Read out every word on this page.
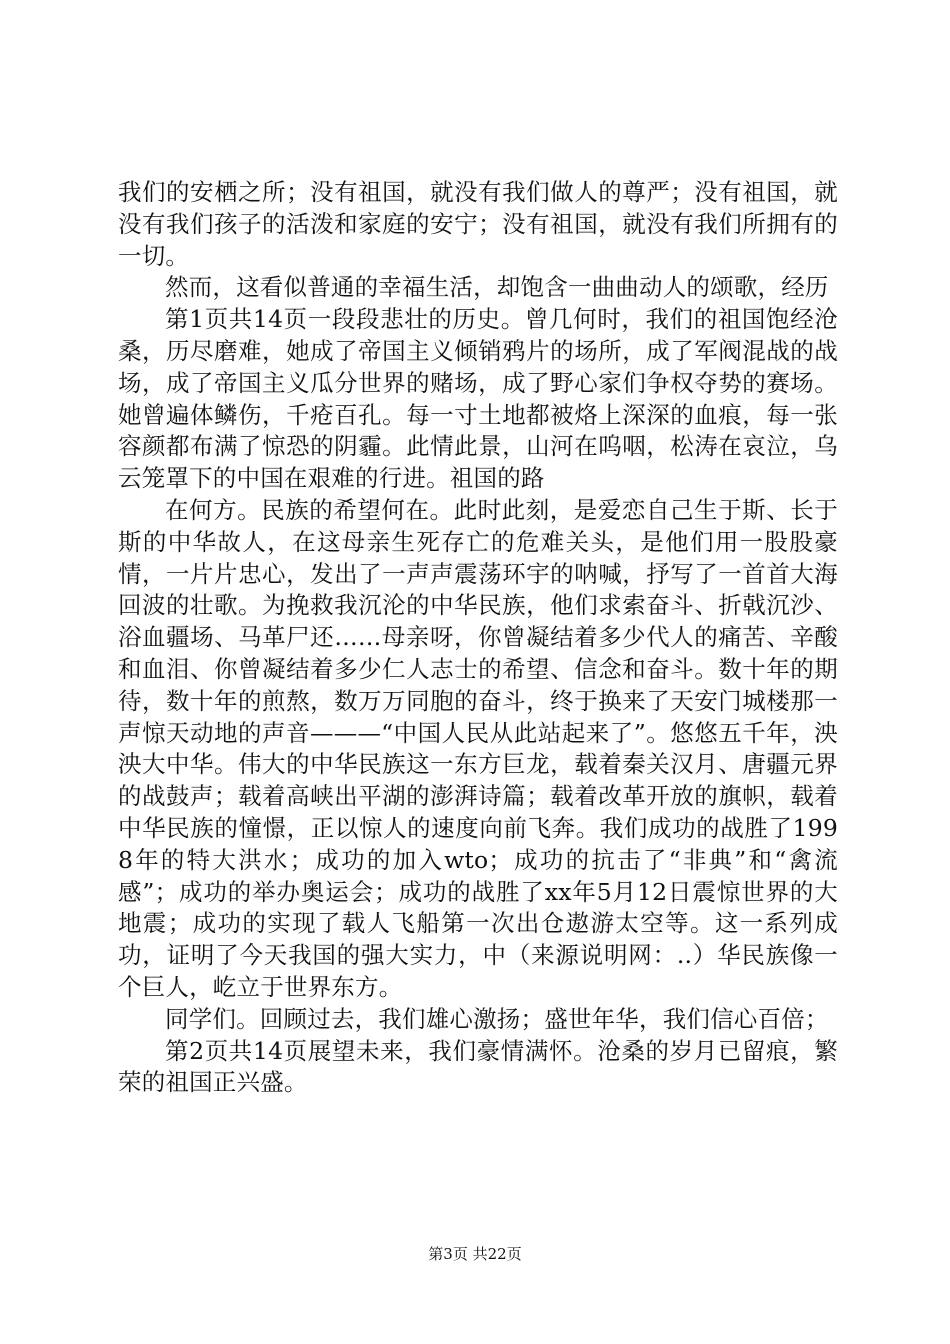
我们的安栖之所；没有祖国，就没有我们做人的尊严；没有祖国，就没有我们孩子的活泼和家庭的安宁；没有祖国，就没有我们所拥有的一切。

然而，这看似普通的幸福生活，却饱含一曲曲动人的颂歌，经历

第1页共14页一段段悲壮的历史。曾几何时，我们的祖国饱经沧桑，历尽磨难，她成了帝国主义倾销鸦片的场所，成了军阀混战的战场，成了帝国主义瓜分世界的赌场，成了野心家们争权夺势的赛场。她曾遍体鳞伤，千疮百孔。每一寸土地都被烙上深深的血痕，每一张容颜都布满了惊恐的阴霾。此情此景，山河在呜咽，松涛在哀泣，乌云笼罩下的中国在艰难的行进。祖国的路

在何方。民族的希望何在。此时此刻，是爱恋自己生于斯、长于斯的中华故人，在这母亲生死存亡的危难关头，是他们用一股股豪情，一片片忠心，发出了一声声震荡环宇的呐喊，抒写了一首首大海回波的壮歌。为挽救我沉沦的中华民族，他们求索奋斗、折戟沉沙、浴血疆场、马革尸还……母亲呀，你曾凝结着多少代人的痛苦、辛酸和血泪、你曾凝结着多少仁人志士的希望、信念和奋斗。数十年的期待，数十年的煎熬，数万万同胞的奋斗，终于换来了天安门城楼那一声惊天动地的声音———“中国人民从此站起来了”。悠悠五千年，泱泱大中华。伟大的中华民族这一东方巨龙，载着秦关汉月、唐疆元界的战鼓声；载着高峡出平湖的澎湃诗篇；载着改革开放的旗帜，载着中华民族的憧憬，正以惊人的速度向前飞奔。我们成功的战胜了1998年的特大洪水；成功的加入wto；成功的抗击了“非典”和“禽流感”；成功的举办奥运会；成功的战胜了xx年5月12日震惊世界的大地震；成功的实现了载人飞船第一次出仓遨游太空等。这一系列成功，证明了今天我国的强大实力，中（来源说明网：..）华民族像一个巨人，屹立于世界东方。

同学们。回顾过去，我们雄心激扬；盛世年华，我们信心百倍；

第2页共14页展望未来，我们豪情满怀。沧桑的岁月已留痕，繁荣的祖国正兴盛。

第3页 共22页
